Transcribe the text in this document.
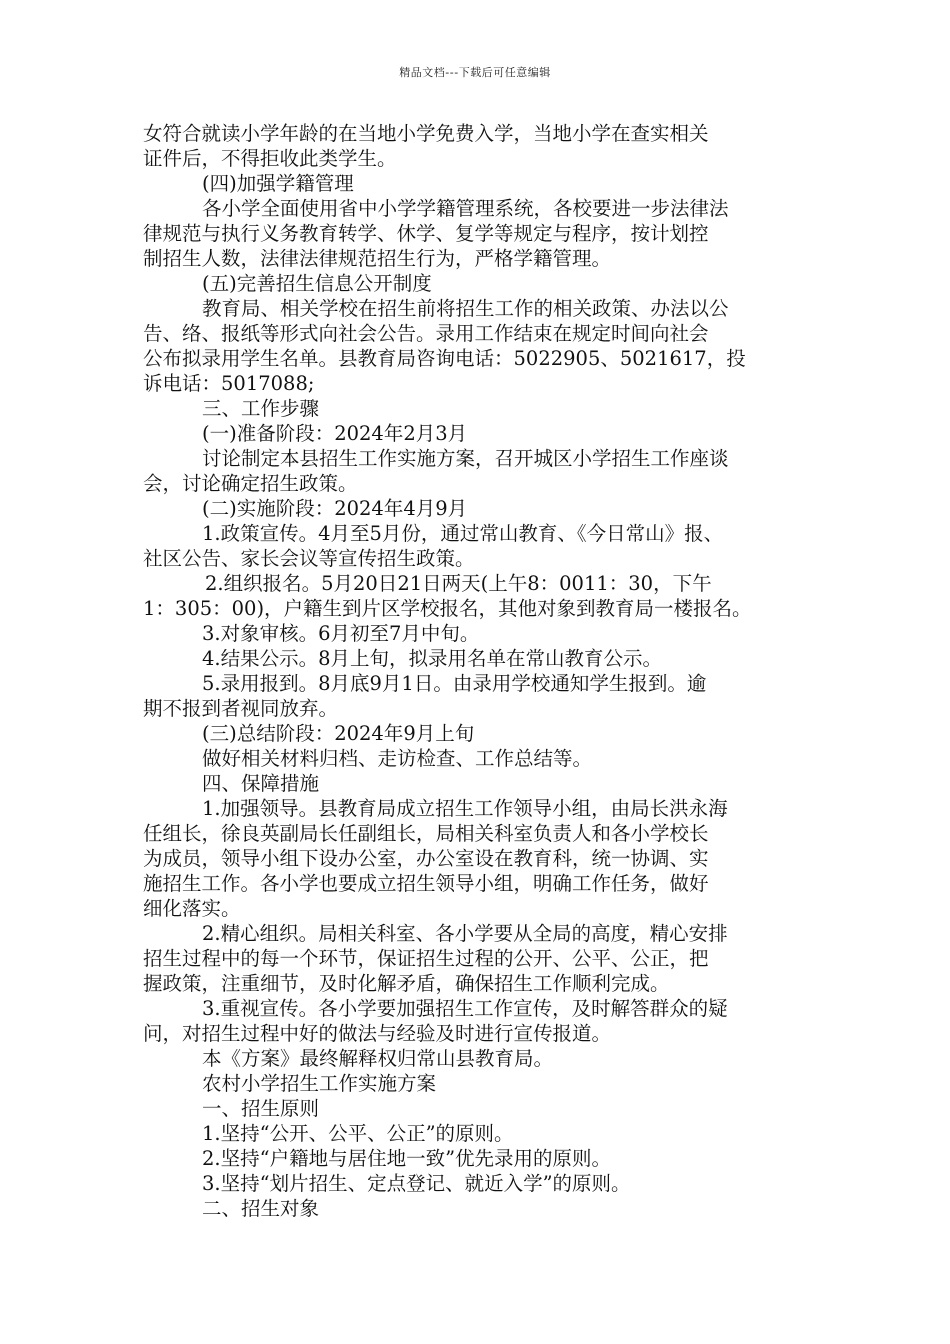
精品文档---下载后可任意编辑
女符合就读小学年龄的在当地小学免费入学，当地小学在查实相关
证件后，不得拒收此类学生。
(四)加强学籍管理
各小学全面使用省中小学学籍管理系统，各校要进一步法律法
律规范与执行义务教育转学、休学、复学等规定与程序，按计划控
制招生人数，法律法律规范招生行为，严格学籍管理。
(五)完善招生信息公开制度
教育局、相关学校在招生前将招生工作的相关政策、办法以公
告、络、报纸等形式向社会公告。录用工作结束在规定时间向社会
公布拟录用学生名单。县教育局咨询电话：5022905、5021617，投
诉电话：5017088;
三、工作步骤
(一)准备阶段：2024年2月3月
讨论制定本县招生工作实施方案，召开城区小学招生工作座谈
会，讨论确定招生政策。
(二)实施阶段：2024年4月9月
1.政策宣传。4月至5月份，通过常山教育、《今日常山》报、
社区公告、家长会议等宣传招生政策。
2.组织报名。5月20日21日两天(上午8：0011：30，下午
1：305：00)，户籍生到片区学校报名，其他对象到教育局一楼报名。
3.对象审核。6月初至7月中旬。
4.结果公示。8月上旬，拟录用名单在常山教育公示。
5.录用报到。8月底9月1日。由录用学校通知学生报到。逾
期不报到者视同放弃。
(三)总结阶段：2024年9月上旬
做好相关材料归档、走访检查、工作总结等。
四、保障措施
1.加强领导。县教育局成立招生工作领导小组，由局长洪永海
任组长，徐良英副局长任副组长，局相关科室负责人和各小学校长
为成员，领导小组下设办公室，办公室设在教育科，统一协调、实
施招生工作。各小学也要成立招生领导小组，明确工作任务，做好
细化落实。
2.精心组织。局相关科室、各小学要从全局的高度，精心安排
招生过程中的每一个环节，保证招生过程的公开、公平、公正，把
握政策，注重细节，及时化解矛盾，确保招生工作顺利完成。
3.重视宣传。各小学要加强招生工作宣传，及时解答群众的疑
问，对招生过程中好的做法与经验及时进行宣传报道。
本《方案》最终解释权归常山县教育局。
农村小学招生工作实施方案
一、招生原则
1.坚持“公开、公平、公正”的原则。
2.坚持“户籍地与居住地一致”优先录用的原则。
3.坚持“划片招生、定点登记、就近入学”的原则。
二、招生对象
